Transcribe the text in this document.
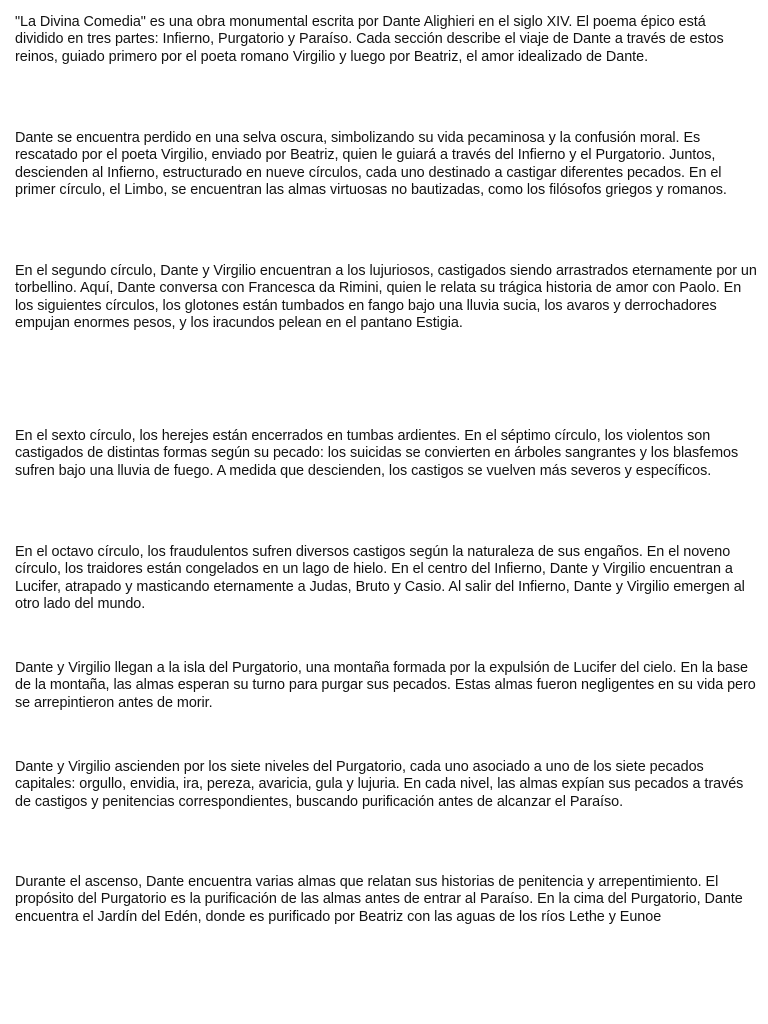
"La Divina Comedia" es una obra monumental escrita por Dante Alighieri en el siglo XIV. El poema épico está dividido en tres partes: Infierno, Purgatorio y Paraíso. Cada sección describe el viaje de Dante a través de estos reinos, guiado primero por el poeta romano Virgilio y luego por Beatriz, el amor idealizado de Dante.

Dante se encuentra perdido en una selva oscura, simbolizando su vida pecaminosa y la confusión moral. Es rescatado por el poeta Virgilio, enviado por Beatriz, quien le guiará a través del Infierno y el Purgatorio. Juntos, descienden al Infierno, estructurado en nueve círculos, cada uno destinado a castigar diferentes pecados. En el primer círculo, el Limbo, se encuentran las almas virtuosas no bautizadas, como los filósofos griegos y romanos.

En el segundo círculo, Dante y Virgilio encuentran a los lujuriosos, castigados siendo arrastrados eternamente por un torbellino. Aquí, Dante conversa con Francesca da Rimini, quien le relata su trágica historia de amor con Paolo. En los siguientes círculos, los glotones están tumbados en fango bajo una lluvia sucia, los avaros y derrochadores empujan enormes pesos, y los iracundos pelean en el pantano Estigia.

En el sexto círculo, los herejes están encerrados en tumbas ardientes. En el séptimo círculo, los violentos son castigados de distintas formas según su pecado: los suicidas se convierten en árboles sangrantes y los blasfemos sufren bajo una lluvia de fuego. A medida que descienden, los castigos se vuelven más severos y específicos.

En el octavo círculo, los fraudulentos sufren diversos castigos según la naturaleza de sus engaños. En el noveno círculo, los traidores están congelados en un lago de hielo. En el centro del Infierno, Dante y Virgilio encuentran a Lucifer, atrapado y masticando eternamente a Judas, Bruto y Casio. Al salir del Infierno, Dante y Virgilio emergen al otro lado del mundo.

Dante y Virgilio llegan a la isla del Purgatorio, una montaña formada por la expulsión de Lucifer del cielo. En la base de la montaña, las almas esperan su turno para purgar sus pecados. Estas almas fueron negligentes en su vida pero se arrepintieron antes de morir.

Dante y Virgilio ascienden por los siete niveles del Purgatorio, cada uno asociado a uno de los siete pecados capitales: orgullo, envidia, ira, pereza, avaricia, gula y lujuria. En cada nivel, las almas expían sus pecados a través de castigos y penitencias correspondientes, buscando purificación antes de alcanzar el Paraíso.

Durante el ascenso, Dante encuentra varias almas que relatan sus historias de penitencia y arrepentimiento. El propósito del Purgatorio es la purificación de las almas antes de entrar al Paraíso. En la cima del Purgatorio, Dante encuentra el Jardín del Edén, donde es purificado por Beatriz con las aguas de los ríos Lethe y Eunoe
